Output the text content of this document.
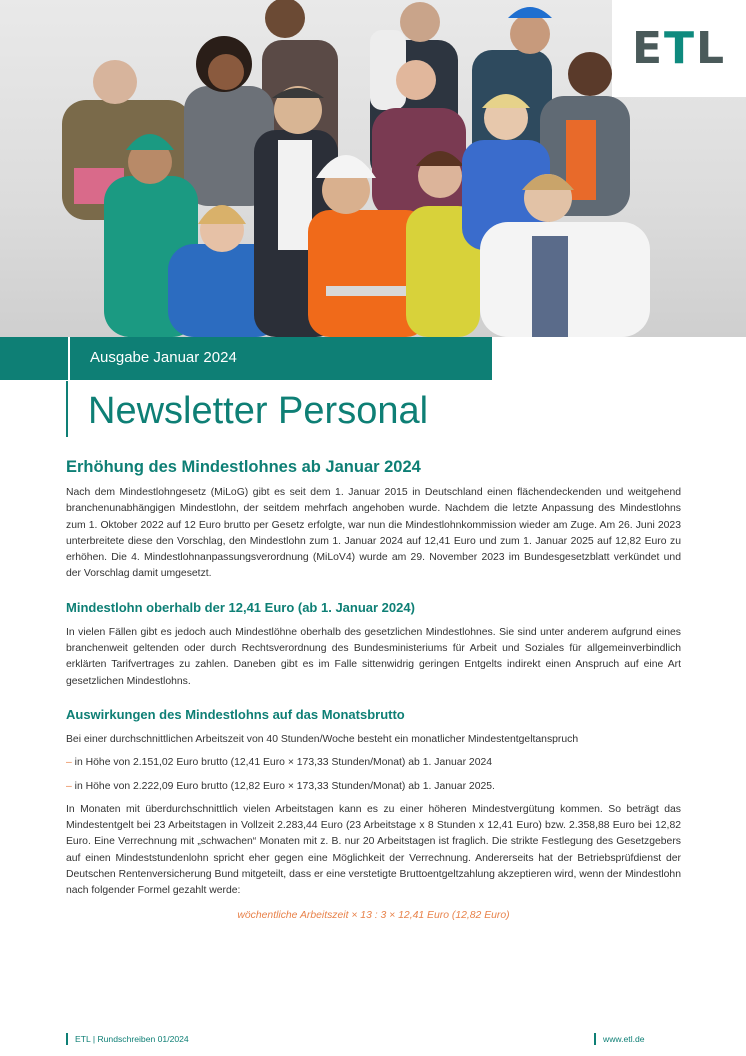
ETL
Ausgabe Januar 2024
Newsletter Personal
Erhöhung des Mindestlohnes ab Januar 2024

Nach dem Mindestlohngesetz (MiLoG) gibt es seit dem 1. Januar 2015 in Deutschland einen flächendeckenden und weitgehend branchenunabhängigen Mindestlohn, der seitdem mehrfach angehoben wurde. Nachdem die letzte Anpassung des Mindestlohns zum 1. Oktober 2022 auf 12 Euro brutto per Gesetz erfolgte, war nun die Mindestlohnkommission wieder am Zuge. Am 26. Juni 2023 unterbreitete diese den Vorschlag, den Mindestlohn zum 1. Januar 2024 auf 12,41 Euro und zum 1. Januar 2025 auf 12,82 Euro zu erhöhen. Die 4. Mindestlohnanpassungsverordnung (MiLoV4) wurde am 29. November 2023 im Bundesgesetzblatt verkündet und der Vorschlag damit umgesetzt.

Mindestlohn oberhalb der 12,41 Euro (ab 1. Januar 2024)

In vielen Fällen gibt es jedoch auch Mindestlöhne oberhalb des gesetzlichen Mindestlohnes. Sie sind unter anderem aufgrund eines branchenweit geltenden oder durch Rechtsverordnung des Bundesministeriums für Arbeit und Soziales für allgemeinverbindlich erklärten Tarifvertrages zu zahlen. Daneben gibt es im Falle sittenwidrig geringen Entgelts indirekt einen Anspruch auf eine Art gesetzlichen Mindestlohns.

Auswirkungen des Mindestlohns auf das Monatsbrutto

Bei einer durchschnittlichen Arbeitszeit von 40 Stunden/Woche besteht ein monatlicher Mindestentgeltanspruch

– in Höhe von 2.151,02 Euro brutto (12,41 Euro × 173,33 Stunden/Monat) ab 1. Januar 2024

– in Höhe von 2.222,09 Euro brutto (12,82 Euro × 173,33 Stunden/Monat) ab 1. Januar 2025.

In Monaten mit überdurchschnittlich vielen Arbeitstagen kann es zu einer höheren Mindestvergütung kommen. So beträgt das Mindestentgelt bei 23 Arbeitstagen in Vollzeit 2.283,44 Euro (23 Arbeitstage x 8 Stunden x 12,41 Euro) bzw. 2.358,88 Euro bei 12,82 Euro. Eine Verrechnung mit „schwachen“ Monaten mit z. B. nur 20 Arbeitstagen ist fraglich. Die strikte Festlegung des Gesetzgebers auf einen Mindeststundenlohn spricht eher gegen eine Möglichkeit der Verrechnung. Andererseits hat der Betriebsprüfdienst der Deutschen Rentenversicherung Bund mitgeteilt, dass er eine verstetigte Bruttoentgeltzahlung akzeptieren wird, wenn der Mindestlohn nach folgender Formel gezahlt werde:

wöchentliche Arbeitszeit × 13 : 3 × 12,41 Euro (12,82 Euro)

ETL | Rundschreiben 01/2024	www.etl.de
